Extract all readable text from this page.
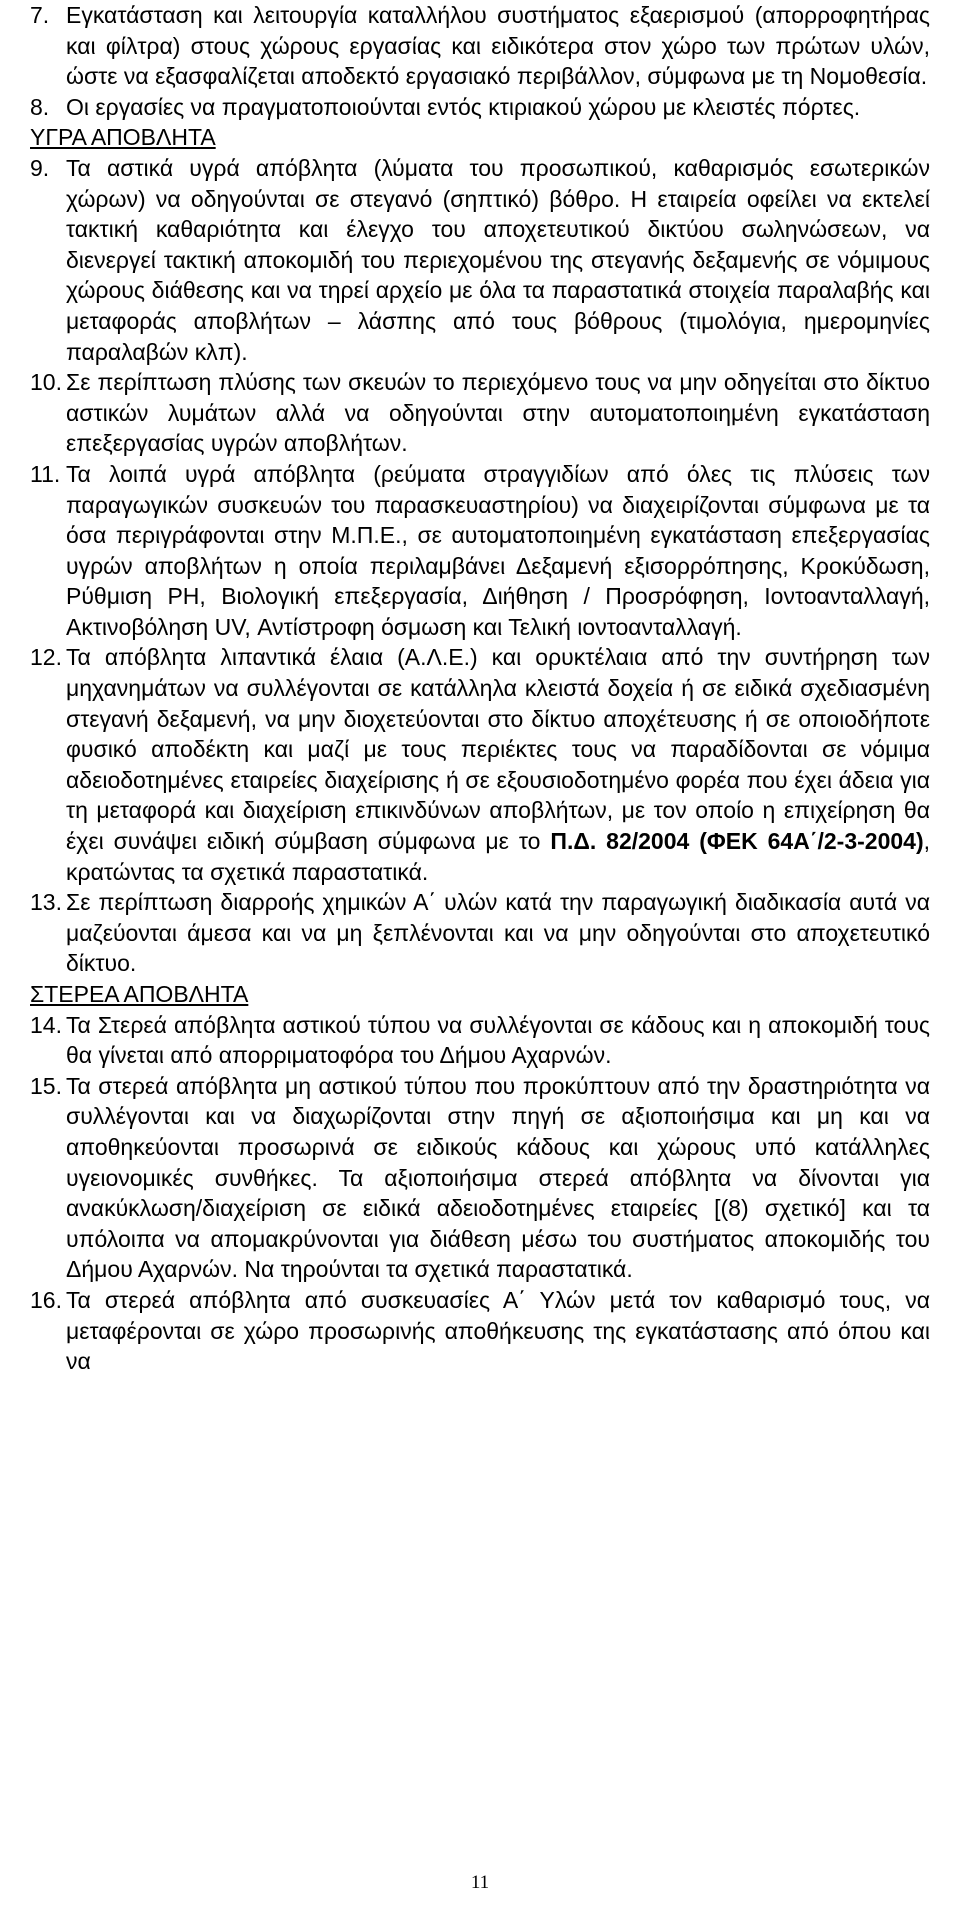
7. Εγκατάσταση και λειτουργία καταλλήλου συστήματος εξαερισμού (απορροφητήρας και φίλτρα) στους χώρους εργασίας και ειδικότερα στον χώρο των πρώτων υλών, ώστε να εξασφαλίζεται αποδεκτό εργασιακό περιβάλλον, σύμφωνα με τη Νομοθεσία.
8. Οι εργασίες να πραγματοποιούνται εντός κτιριακού χώρου με κλειστές πόρτες.
ΥΓΡΑ ΑΠΟΒΛΗΤΑ
9. Τα αστικά υγρά απόβλητα (λύματα του προσωπικού, καθαρισμός εσωτερικών χώρων) να οδηγούνται σε στεγανό (σηπτικό) βόθρο. Η εταιρεία οφείλει να εκτελεί τακτική καθαριότητα και έλεγχο του αποχετευτικού δικτύου σωληνώσεων, να διενεργεί τακτική αποκομιδή του περιεχομένου της στεγανής δεξαμενής σε νόμιμους χώρους διάθεσης και να τηρεί αρχείο με όλα τα παραστατικά στοιχεία παραλαβής και μεταφοράς αποβλήτων – λάσπης από τους βόθρους (τιμολόγια, ημερομηνίες παραλαβών κλπ).
10. Σε περίπτωση πλύσης των σκευών το περιεχόμενο τους να μην οδηγείται στο δίκτυο αστικών λυμάτων αλλά να οδηγούνται στην αυτοματοποιημένη εγκατάσταση επεξεργασίας υγρών αποβλήτων.
11. Τα λοιπά υγρά απόβλητα (ρεύματα στραγγιδίων από όλες τις πλύσεις των παραγωγικών συσκευών του παρασκευαστηρίου) να διαχειρίζονται σύμφωνα με τα όσα περιγράφονται στην Μ.Π.Ε., σε αυτοματοποιημένη εγκατάσταση επεξεργασίας υγρών αποβλήτων η οποία περιλαμβάνει Δεξαμενή εξισορρόπησης, Κροκύδωση, Ρύθμιση PH, Βιολογική επεξεργασία, Διήθηση / Προσρόφηση, Ιοντοανταλλαγή, Ακτινοβόληση UV, Αντίστροφη όσμωση και Τελική ιοντοανταλλαγή.
12. Τα απόβλητα λιπαντικά έλαια (Α.Λ.Ε.) και ορυκτέλαια από την συντήρηση των μηχανημάτων να συλλέγονται σε κατάλληλα κλειστά δοχεία ή σε ειδικά σχεδιασμένη στεγανή δεξαμενή, να μην διοχετεύονται στο δίκτυο αποχέτευσης ή σε οποιοδήποτε φυσικό αποδέκτη και μαζί με τους περιέκτες τους να παραδίδονται σε νόμιμα αδειοδοτημένες εταιρείες διαχείρισης ή σε εξουσιοδοτημένο φορέα που έχει άδεια για τη μεταφορά και διαχείριση επικινδύνων αποβλήτων, με τον οποίο η επιχείρηση θα έχει συνάψει ειδική σύμβαση σύμφωνα με το Π.Δ. 82/2004 (ΦΕΚ 64Α΄/2-3-2004), κρατώντας τα σχετικά παραστατικά.
13. Σε περίπτωση διαρροής χημικών Α΄ υλών κατά την παραγωγική διαδικασία αυτά να μαζεύονται άμεσα και να μη ξεπλένονται και να μην οδηγούνται στο αποχετευτικό δίκτυο.
ΣΤΕΡΕΑ ΑΠΟΒΛΗΤΑ
14. Τα Στερεά απόβλητα αστικού τύπου να συλλέγονται σε κάδους και η αποκομιδή τους θα γίνεται από απορριματοφόρα του Δήμου Αχαρνών.
15. Τα στερεά απόβλητα μη αστικού τύπου που προκύπτουν από την δραστηριότητα να συλλέγονται και να διαχωρίζονται στην πηγή σε αξιοποιήσιμα και μη και να αποθηκεύονται προσωρινά σε ειδικούς κάδους και χώρους υπό κατάλληλες υγειονομικές συνθήκες. Τα αξιοποιήσιμα στερεά απόβλητα να δίνονται για ανακύκλωση/διαχείριση σε ειδικά αδειοδοτημένες εταιρείες [(8) σχετικό] και τα υπόλοιπα να απομακρύνονται για διάθεση μέσω του συστήματος αποκομιδής του Δήμου Αχαρνών. Να τηρούνται τα σχετικά παραστατικά.
16. Τα στερεά απόβλητα από συσκευασίες Α΄ Υλών μετά τον καθαρισμό τους, να μεταφέρονται σε χώρο προσωρινής αποθήκευσης της εγκατάστασης από όπου και να
11
